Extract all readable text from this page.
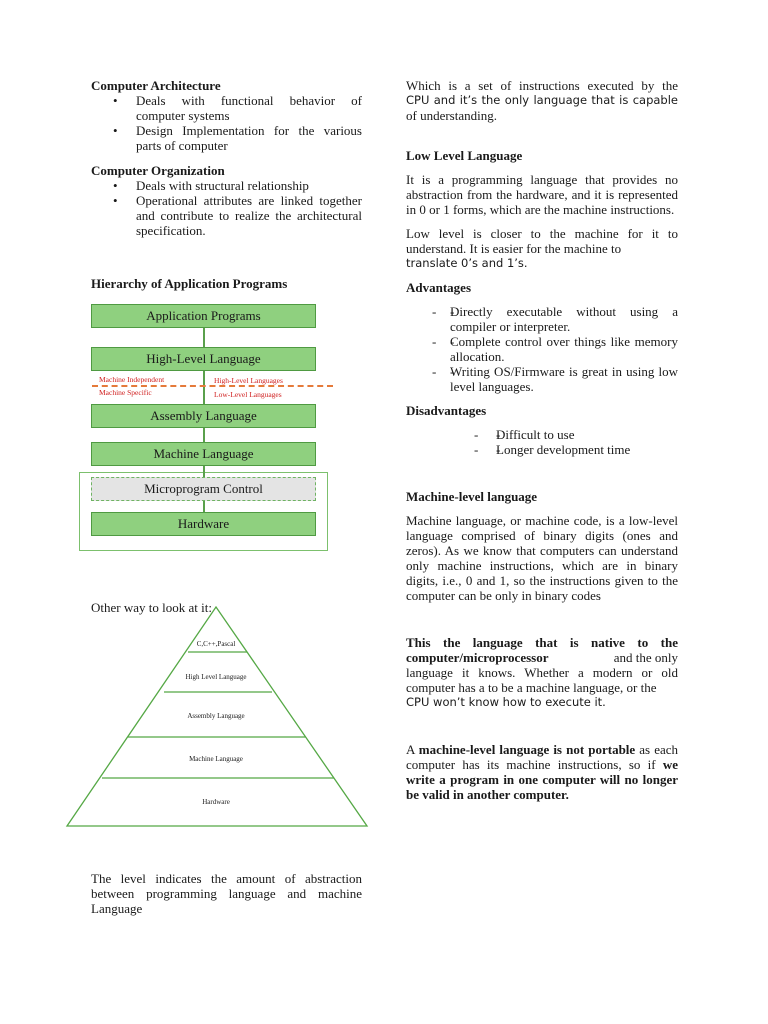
Computer Architecture

• Deals with functional behavior of computer systems
• Design Implementation for the various parts of computer

Computer Organization

• Deals with structural relationship
• Operational attributes are linked together and contribute to realize the architectural specification.

Hierarchy of Application Programs

Application Programs
High-Level Language
Assembly Language
Machine Language
Microprogram Control
Hardware
Machine Independent
Machine Specific
High-Level Languages
Low-Level Languages

Other way to look at it:

C,C++,Pascal
High Level Language
Assembly Language
Machine Language
Hardware

The level indicates the amount of abstraction between programming language and machine Language

Which is a set of instructions executed by the

CPU and it’s the only language that is capable

of understanding.

Low Level Language

It is a programming language that provides no abstraction from the hardware, and it is represented in 0 or 1 forms, which are the machine instructions.

Low level is closer to the machine for it to understand. It is easier for the machine to

translate 0’s and 1’s.

Advantages

- - Directly executable without using a compiler or interpreter.
- - Complete control over things like memory allocation.
- - Writing OS/Firmware is great in using low level languages.

Disadvantages

- - Difficult to use
- - Longer development time

Machine-level language

Machine language, or machine code, is a low-level language comprised of binary digits (ones and zeros). As we know that computers can understand only machine instructions, which are in binary digits, i.e., 0 and 1, so the instructions given to the computer can be only in binary codes

This the language that is native to the

computer/microprocessor	and the only

language it knows. Whether a modern or old computer has a to be a machine language, or the

CPU won’t know how to execute it.

A machine-level language is not portable as each computer has its machine instructions, so if we write a program in one computer will no longer be valid in another computer.
